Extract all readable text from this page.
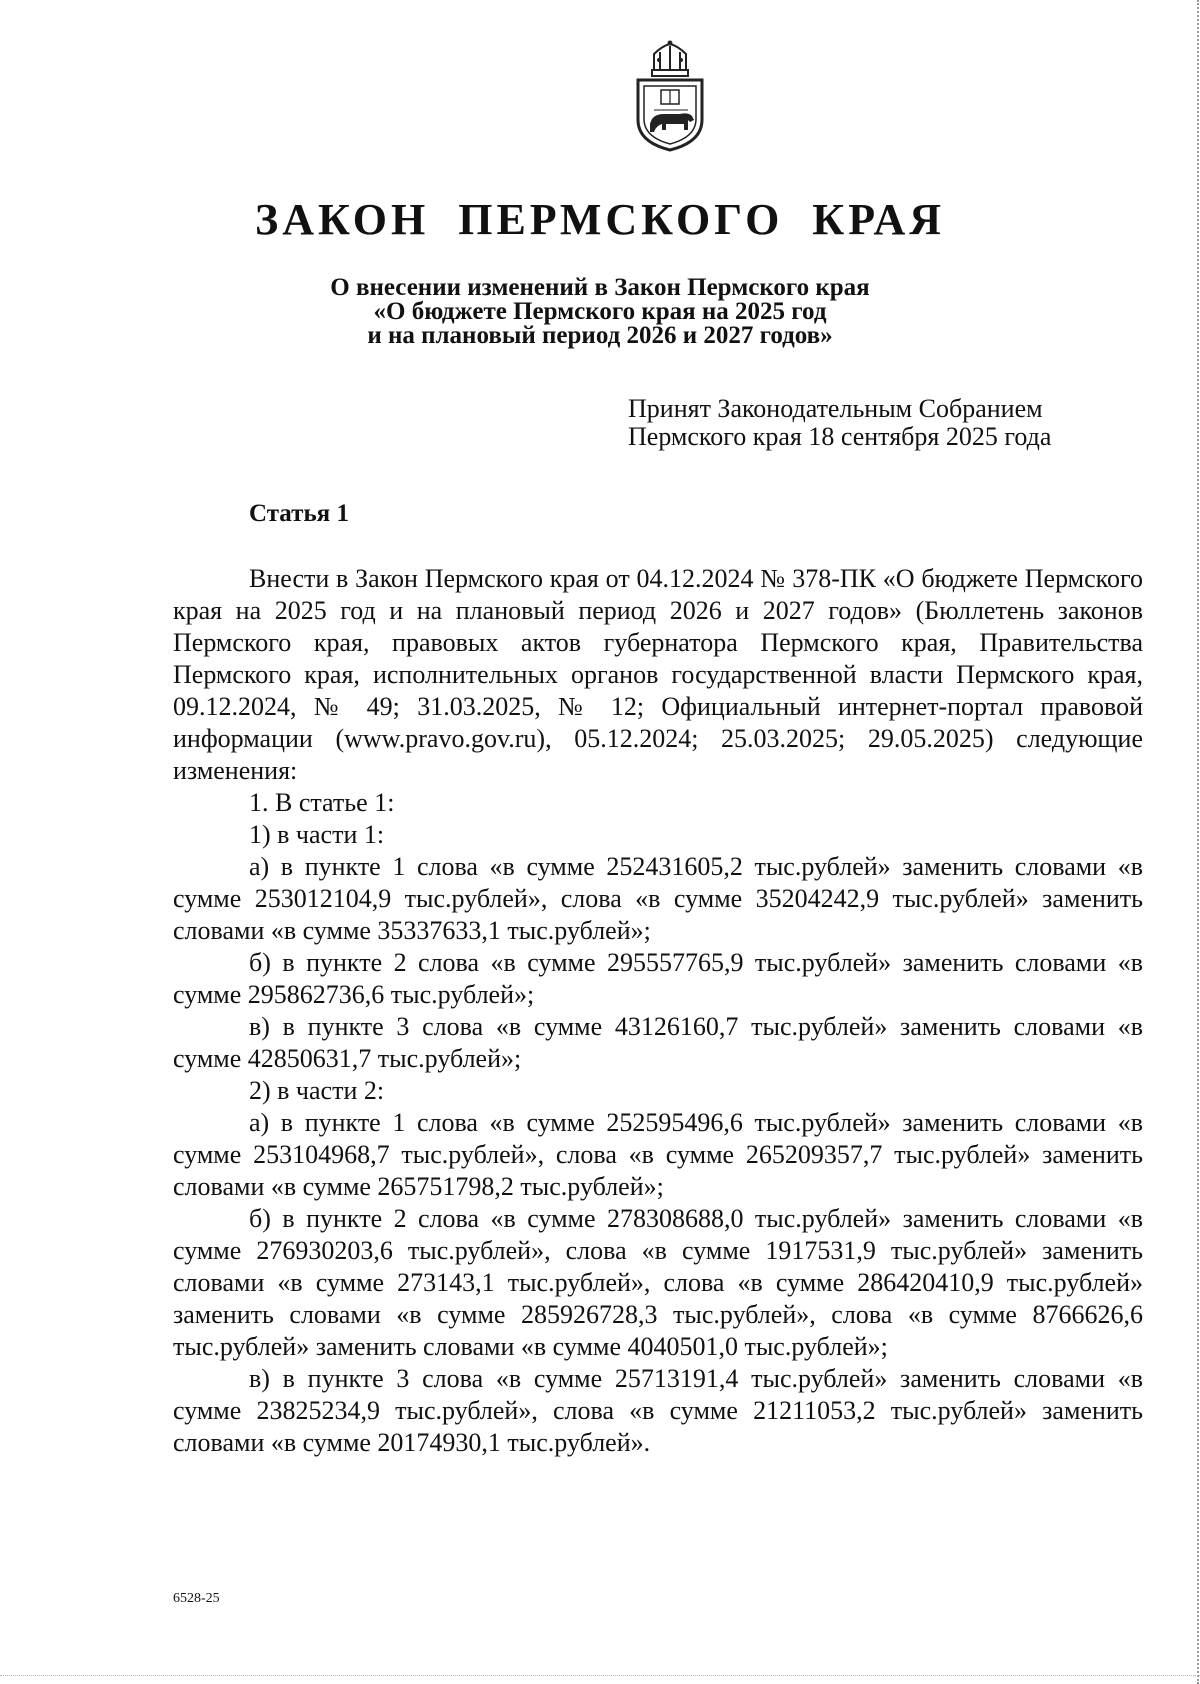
ЗАКОН ПЕРМСКОГО КРАЯ
О внесении изменений в Закон Пермского края
«О бюджете Пермского края на 2025 год
и на плановый период 2026 и 2027 годов»
Принят Законодательным Собранием
Пермского края 18 сентября 2025 года
Статья 1

Внести в Закон Пермского края от 04.12.2024 № 378-ПК «О бюджете Пермского края на 2025 год и на плановый период 2026 и 2027 годов» (Бюллетень законов Пермского края, правовых актов губернатора Пермского края, Правительства Пермского края, исполнительных органов государственной власти Пермского края, 09.12.2024, № 49; 31.03.2025, № 12; Официальный интернет-портал правовой информации (www.pravo.gov.ru), 05.12.2024; 25.03.2025; 29.05.2025) следующие изменения:

1. В статье 1:

1) в части 1:

а) в пункте 1 слова «в сумме 252431605,2 тыс.рублей» заменить словами «в сумме 253012104,9 тыс.рублей», слова «в сумме 35204242,9 тыс.рублей» заменить словами «в сумме 35337633,1 тыс.рублей»;

б) в пункте 2 слова «в сумме 295557765,9 тыс.рублей» заменить словами «в сумме 295862736,6 тыс.рублей»;

в) в пункте 3 слова «в сумме 43126160,7 тыс.рублей» заменить словами «в сумме 42850631,7 тыс.рублей»;

2) в части 2:

а) в пункте 1 слова «в сумме 252595496,6 тыс.рублей» заменить словами «в сумме 253104968,7 тыс.рублей», слова «в сумме 265209357,7 тыс.рублей» заменить словами «в сумме 265751798,2 тыс.рублей»;

б) в пункте 2 слова «в сумме 278308688,0 тыс.рублей» заменить словами «в сумме 276930203,6 тыс.рублей», слова «в сумме 1917531,9 тыс.рублей» заменить словами «в сумме 273143,1 тыс.рублей», слова «в сумме 286420410,9 тыс.рублей» заменить словами «в сумме 285926728,3 тыс.рублей», слова «в сумме 8766626,6 тыс.рублей» заменить словами «в сумме 4040501,0 тыс.рублей»;

в) в пункте 3 слова «в сумме 25713191,4 тыс.рублей» заменить словами «в сумме 23825234,9 тыс.рублей», слова «в сумме 21211053,2 тыс.рублей» заменить словами «в сумме 20174930,1 тыс.рублей».

6528-25
